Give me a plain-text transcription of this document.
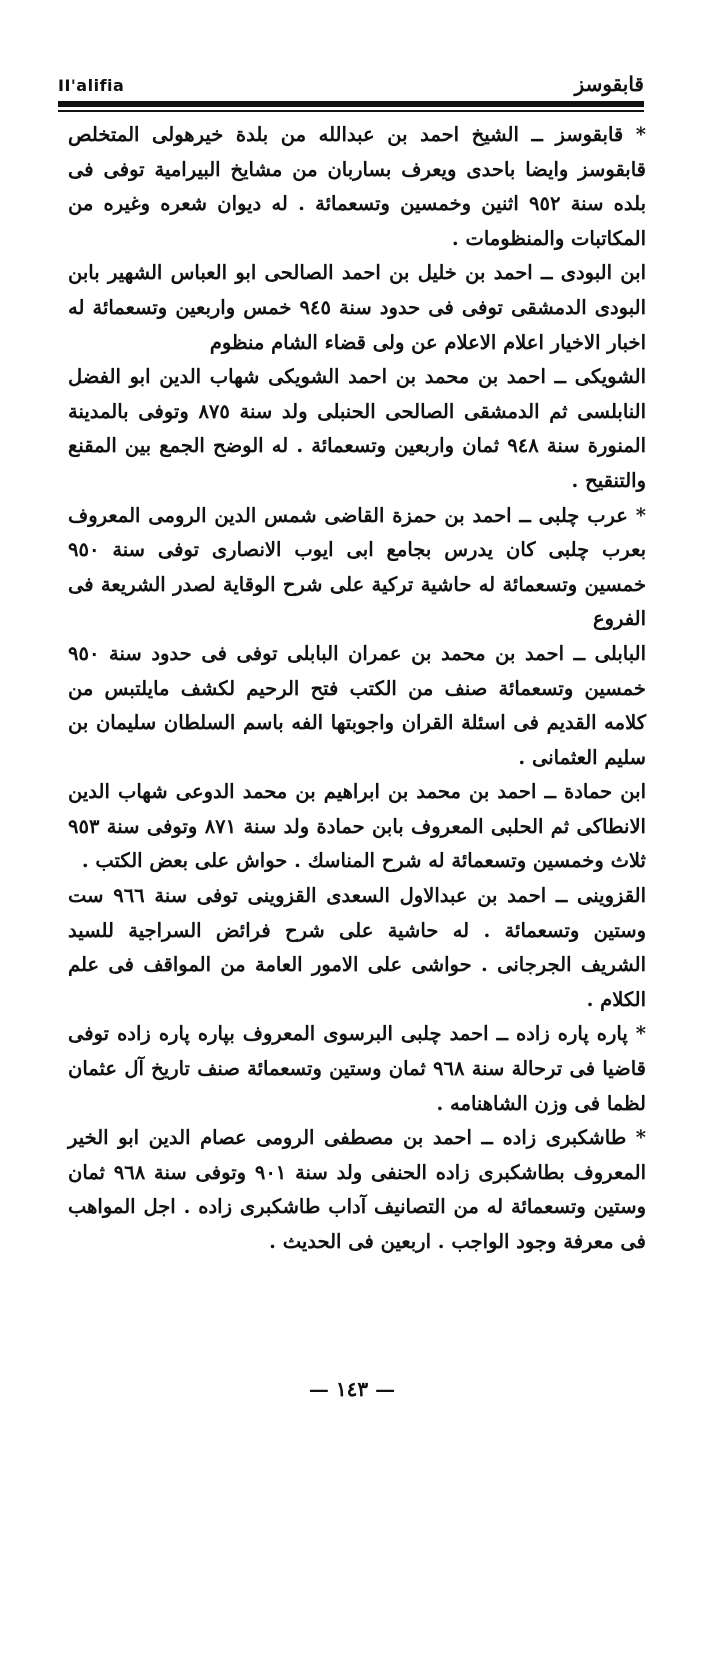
II'alifia	قابقوسز

* قابقوسز ــ الشيخ احمد بن عبدالله من بلدة خيرهولى المتخلص قابقوسز وايضا باحدى ويعرف بساربان من مشايخ البيرامية توفى فى بلده سنة ٩٥٢ اثنين وخمسين وتسعمائة . له ديوان شعره وغيره من المكاتبات والمنظومات .

ابن البودى ــ احمد بن خليل بن احمد الصالحى ابو العباس الشهير بابن البودى الدمشقى توفى فى حدود سنة ٩٤٥ خمس واربعين وتسعمائة له اخبار الاخيار اعلام الاعلام عن ولى قضاء الشام منظوم

الشويكى ــ احمد بن محمد بن احمد الشويكى شهاب الدين ابو الفضل النابلسى ثم الدمشقى الصالحى الحنبلى ولد سنة ٨٧٥ وتوفى بالمدينة المنورة سنة ٩٤٨ ثمان واربعين وتسعمائة . له الوضح الجمع بين المقنع والتنقيح .

* عرب چلبى ــ احمد بن حمزة القاضى شمس الدين الرومى المعروف بعرب چلبى كان يدرس بجامع ابى ايوب الانصارى توفى سنة ٩٥٠ خمسين وتسعمائة له حاشية تركية على شرح الوقاية لصدر الشريعة فى الفروع

البابلى ــ احمد بن محمد بن عمران البابلى توفى فى حدود سنة ٩٥٠ خمسين وتسعمائة صنف من الكتب فتح الرحيم لكشف مايلتبس من كلامه القديم فى اسئلة القران واجوبتها الفه باسم السلطان سليمان بن سليم العثمانى .

ابن حمادة ــ احمد بن محمد بن ابراهيم بن محمد الدوعى شهاب الدين الانطاكى ثم الحلبى المعروف بابن حمادة ولد سنة ٨٧١ وتوفى سنة ٩٥٣ ثلاث وخمسين وتسعمائة له شرح المناسك . حواش على بعض الكتب .

القزوينى ــ احمد بن عبدالاول السعدى القزوينى توفى سنة ٩٦٦ ست وستين وتسعمائة . له حاشية على شرح فرائض السراجية للسيد الشريف الجرجانى . حواشى على الامور العامة من المواقف فى علم الكلام .

* پاره پاره زاده ــ احمد چلبى البرسوى المعروف بپاره پاره زاده توفى قاضيا فى ترحالة سنة ٩٦٨ ثمان وستين وتسعمائة صنف تاريخ آل عثمان لظما فى وزن الشاهنامه .

* طاشكبرى زاده ــ احمد بن مصطفى الرومى عصام الدين ابو الخير المعروف بطاشكبرى زاده الحنفى ولد سنة ٩٠١ وتوفى سنة ٩٦٨ ثمان وستين وتسعمائة له من التصانيف آداب طاشكبرى زاده . اجل المواهب فى معرفة وجود الواجب . اربعين فى الحديث .

— ١٤٣ —
